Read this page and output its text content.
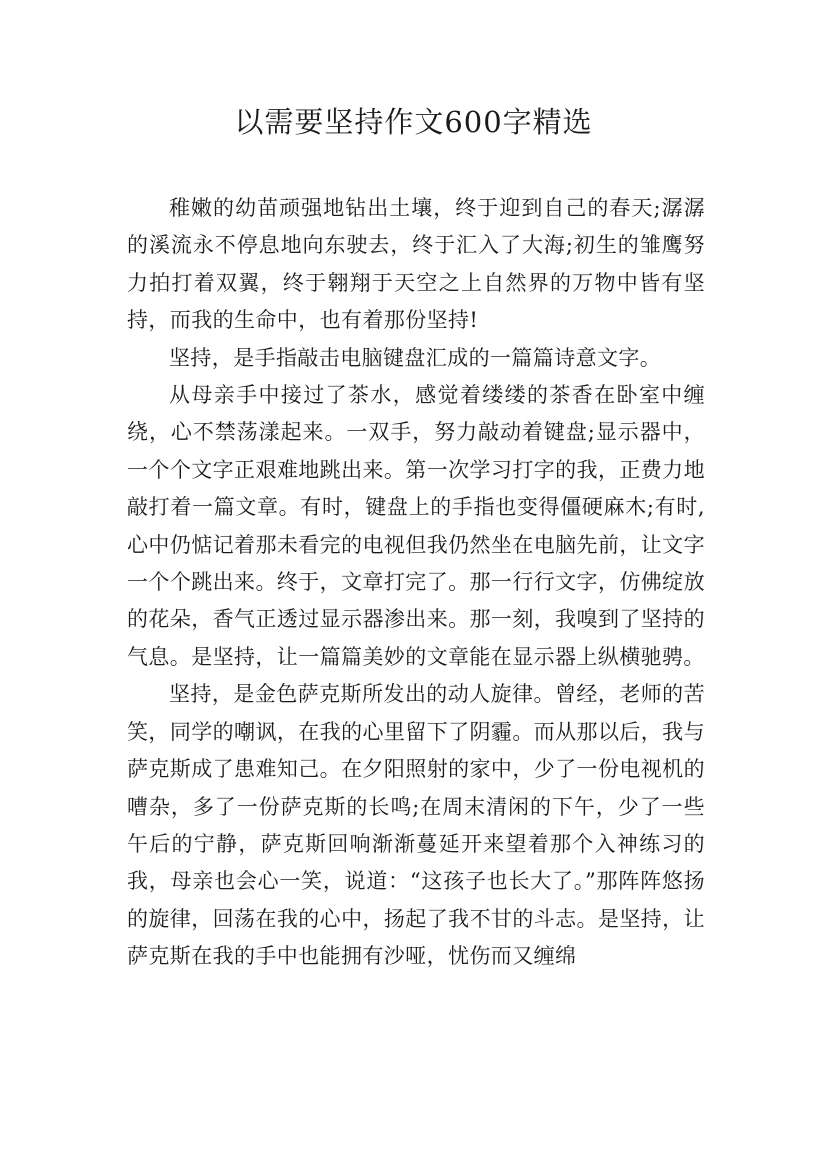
以需要坚持作文600字精选

稚嫩的幼苗顽强地钻出土壤，终于迎到自己的春天;潺潺的溪流永不停息地向东驶去，终于汇入了大海;初生的雏鹰努力拍打着双翼，终于翱翔于天空之上自然界的万物中皆有坚持，而我的生命中，也有着那份坚持!

坚持，是手指敲击电脑键盘汇成的一篇篇诗意文字。

从母亲手中接过了茶水，感觉着缕缕的茶香在卧室中缠绕，心不禁荡漾起来。一双手，努力敲动着键盘;显示器中，一个个文字正艰难地跳出来。第一次学习打字的我，正费力地敲打着一篇文章。有时，键盘上的手指也变得僵硬麻木;有时,心中仍惦记着那未看完的电视但我仍然坐在电脑先前，让文字一个个跳出来。终于，文章打完了。那一行行文字，仿佛绽放的花朵，香气正透过显示器渗出来。那一刻，我嗅到了坚持的气息。是坚持，让一篇篇美妙的文章能在显示器上纵横驰骋。

坚持，是金色萨克斯所发出的动人旋律。曾经，老师的苦笑，同学的嘲讽，在我的心里留下了阴霾。而从那以后，我与萨克斯成了患难知己。在夕阳照射的家中，少了一份电视机的嘈杂，多了一份萨克斯的长鸣;在周末清闲的下午，少了一些午后的宁静，萨克斯回响渐渐蔓延开来望着那个入神练习的我，母亲也会心一笑，说道：“这孩子也长大了。”那阵阵悠扬的旋律，回荡在我的心中，扬起了我不甘的斗志。是坚持，让萨克斯在我的手中也能拥有沙哑，忧伤而又缠绵
